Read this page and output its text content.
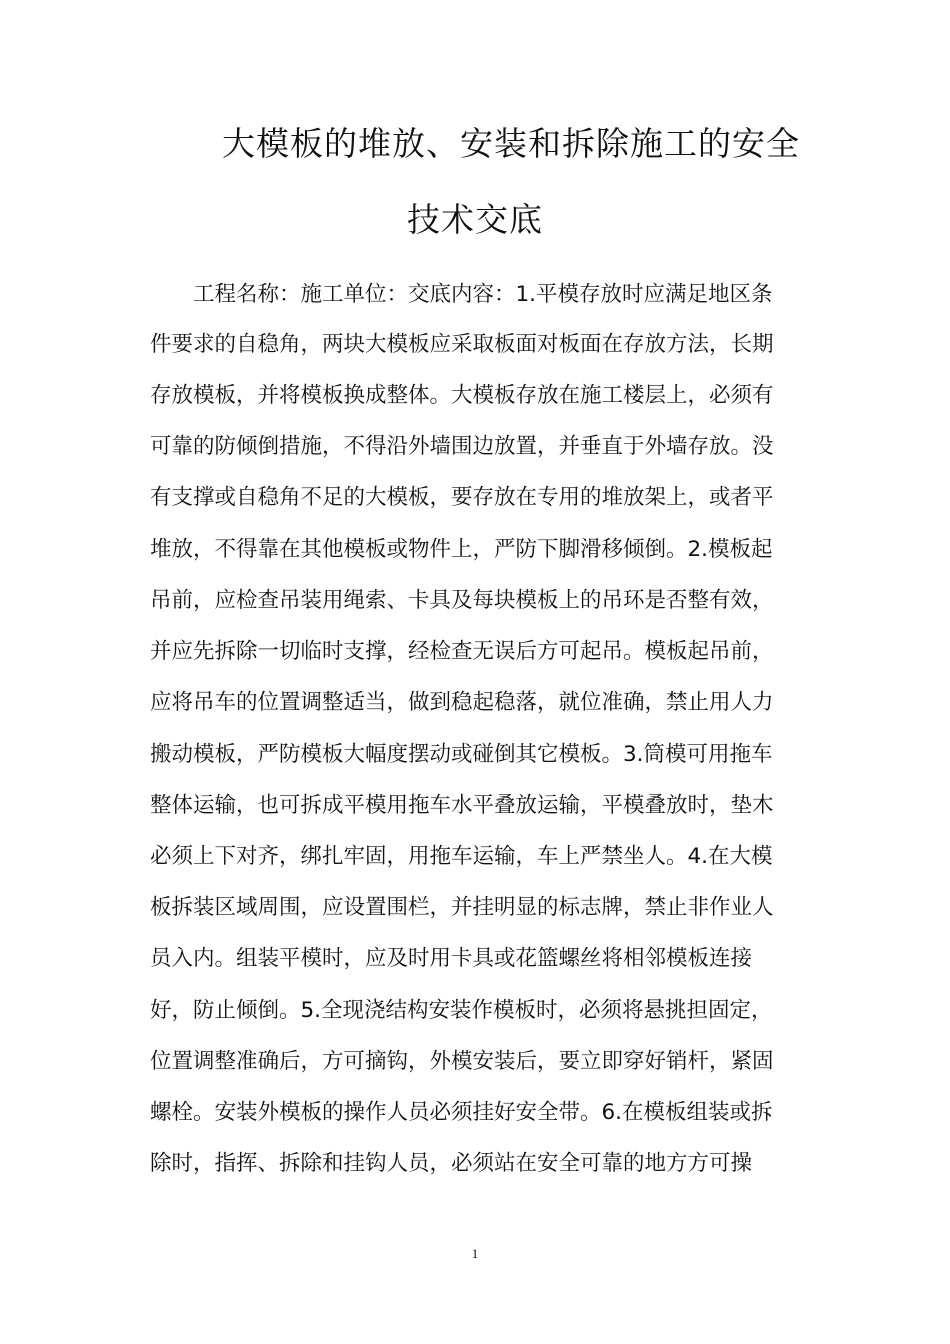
大模板的堆放、安装和拆除施工的安全
技术交底

工程名称：施工单位：交底内容：1.平模存放时应满足地区条

件要求的自稳角，两块大模板应采取板面对板面在存放方法，长期

存放模板，并将模板换成整体。大模板存放在施工楼层上，必须有

可靠的防倾倒措施，不得沿外墙围边放置，并垂直于外墙存放。没

有支撑或自稳角不足的大模板，要存放在专用的堆放架上，或者平

堆放，不得靠在其他模板或物件上，严防下脚滑移倾倒。2.模板起

吊前，应检查吊装用绳索、卡具及每块模板上的吊环是否整有效，

并应先拆除一切临时支撑，经检查无误后方可起吊。模板起吊前，

应将吊车的位置调整适当，做到稳起稳落，就位准确，禁止用人力

搬动模板，严防模板大幅度摆动或碰倒其它模板。3.筒模可用拖车

整体运输，也可拆成平模用拖车水平叠放运输，平模叠放时，垫木

必须上下对齐，绑扎牢固，用拖车运输，车上严禁坐人。4.在大模

板拆装区域周围，应设置围栏，并挂明显的标志牌，禁止非作业人

员入内。组装平模时，应及时用卡具或花篮螺丝将相邻模板连接

好，防止倾倒。5.全现浇结构安装作模板时，必须将悬挑担固定，

位置调整准确后，方可摘钩，外模安装后，要立即穿好销杆，紧固

螺栓。安装外模板的操作人员必须挂好安全带。6.在模板组装或拆

除时，指挥、拆除和挂钩人员，必须站在安全可靠的地方方可操

1
